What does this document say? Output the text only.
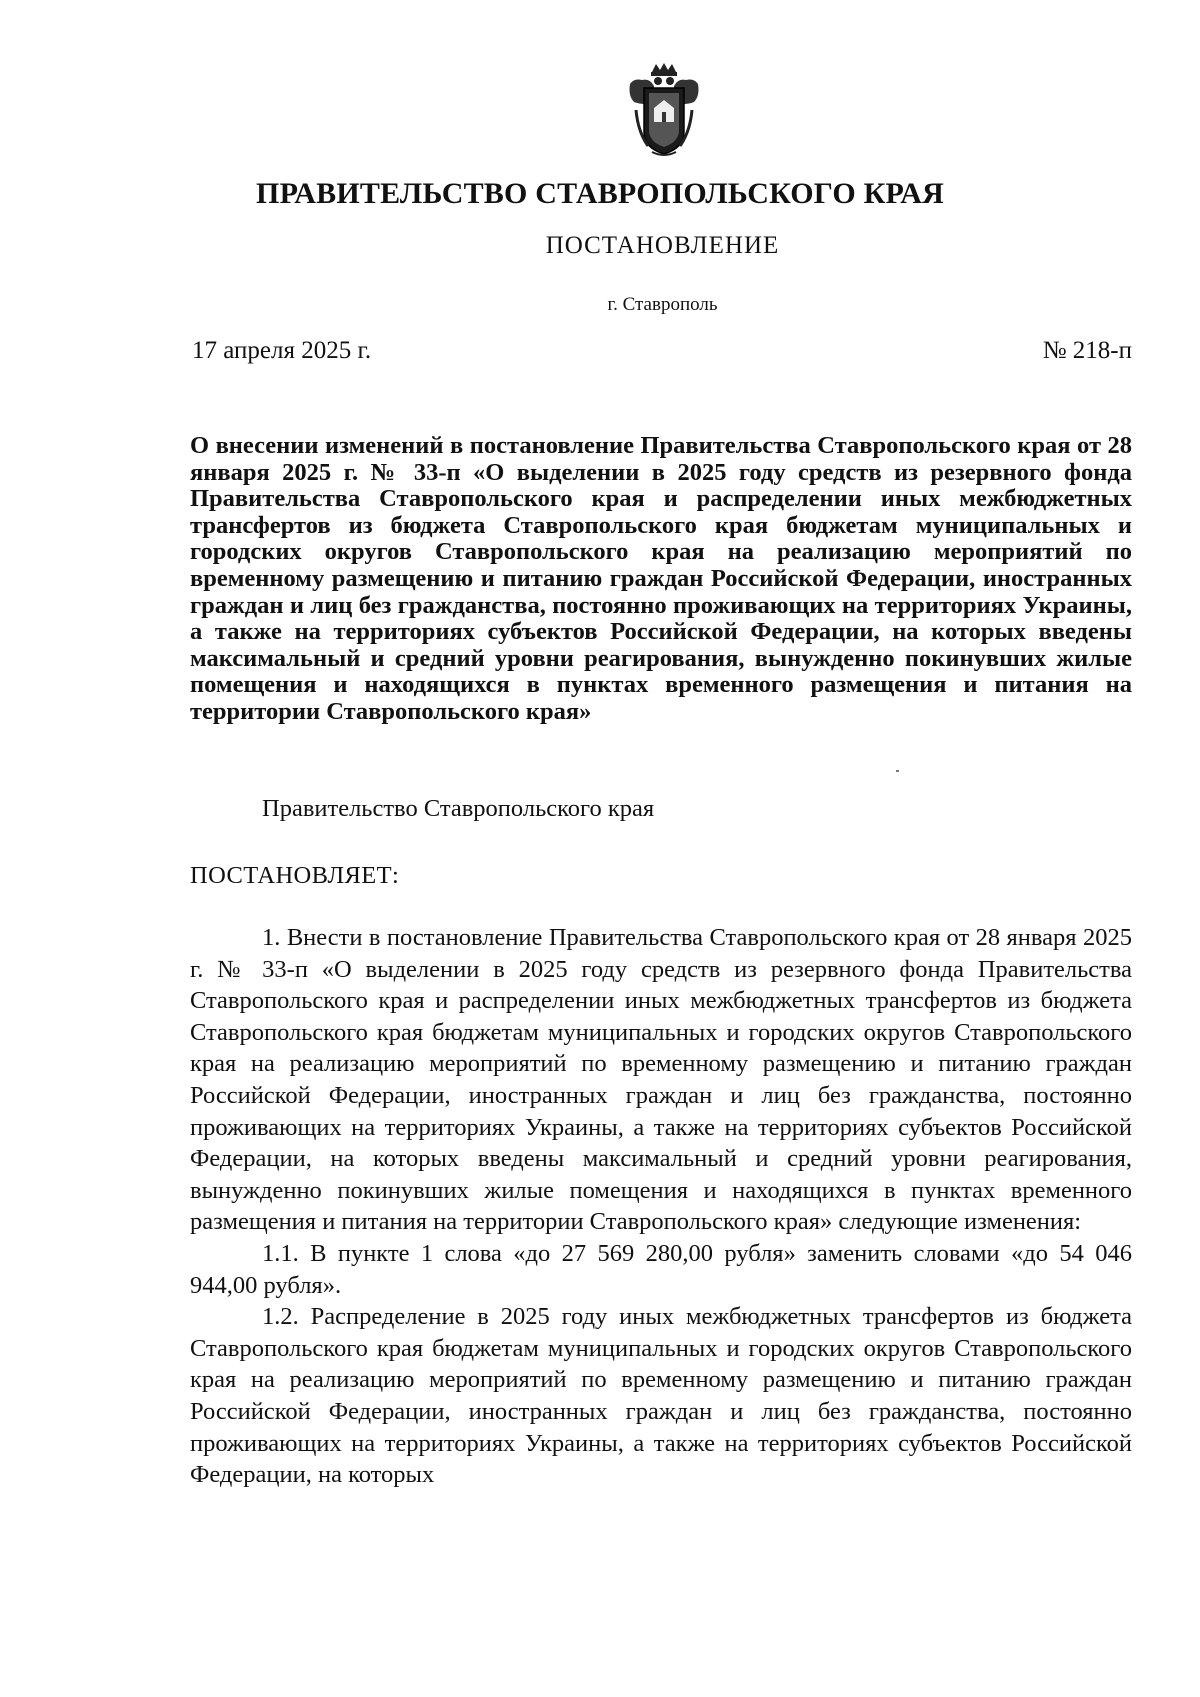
ПРАВИТЕЛЬСТВО СТАВРОПОЛЬСКОГО КРАЯ
ПОСТАНОВЛЕНИЕ
г. Ставрополь
17 апреля 2025 г.	№ 218-п
О внесении изменений в постановление Правительства Ставропольского края от 28 января 2025 г. № 33-п «О выделении в 2025 году средств из резервного фонда Правительства Ставропольского края и распределении иных межбюджетных трансфертов из бюджета Ставропольского края бюджетам муниципальных и городских округов Ставропольского края на реализацию мероприятий по временному размещению и питанию граждан Российской Федерации, иностранных граждан и лиц без гражданства, постоянно проживающих на территориях Украины, а также на территориях субъектов Российской Федерации, на которых введены максимальный и средний уровни реагирования, вынужденно покинувших жилые помещения и находящихся в пунктах временного размещения и питания на территории Ставропольского края»
Правительство Ставропольского края
ПОСТАНОВЛЯЕТ:

1. Внести в постановление Правительства Ставропольского края от 28 января 2025 г. № 33-п «О выделении в 2025 году средств из резервного фонда Правительства Ставропольского края и распределении иных межбюджетных трансфертов из бюджета Ставропольского края бюджетам муниципальных и городских округов Ставропольского края на реализацию мероприятий по временному размещению и питанию граждан Российской Федерации, иностранных граждан и лиц без гражданства, постоянно проживающих на территориях Украины, а также на территориях субъектов Российской Федерации, на которых введены максимальный и средний уровни реагирования, вынужденно покинувших жилые помещения и находящихся в пунктах временного размещения и питания на территории Ставропольского края» следующие изменения:

1.1. В пункте 1 слова «до 27 569 280,00 рубля» заменить словами «до 54 046 944,00 рубля».

1.2. Распределение в 2025 году иных межбюджетных трансфертов из бюджета Ставропольского края бюджетам муниципальных и городских округов Ставропольского края на реализацию мероприятий по временному размещению и питанию граждан Российской Федерации, иностранных граждан и лиц без гражданства, постоянно проживающих на территориях Украины, а также на территориях субъектов Российской Федерации, на которых
